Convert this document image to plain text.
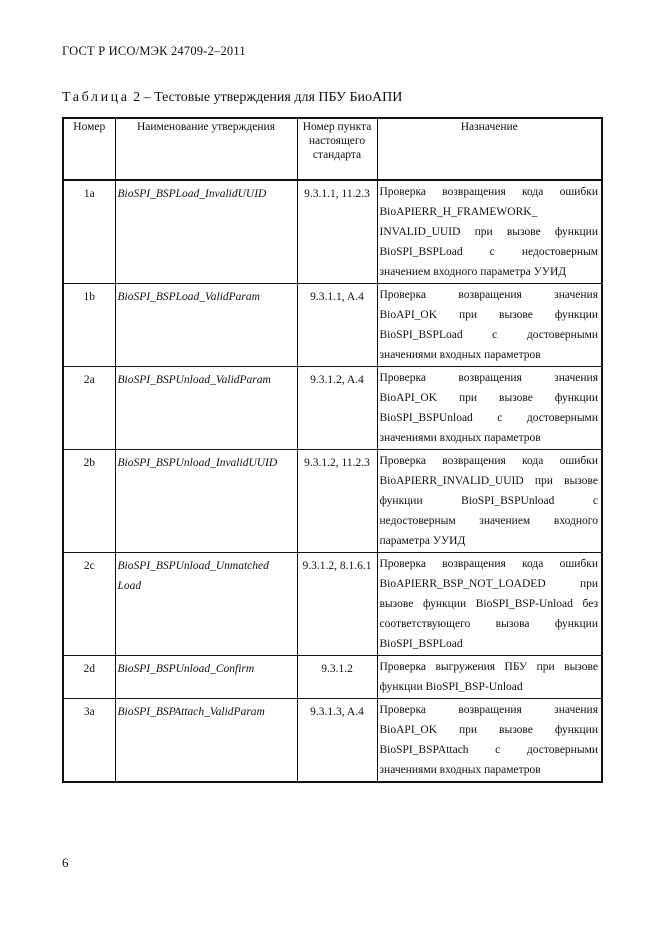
ГОСТ Р ИСО/МЭК 24709-2–2011
Таблица 2 – Тестовые утверждения для ПБУ БиоАПИ
Номер	Наименование утверждения	Номер пункта настоящего стандарта	Назначение
1a	BioSPI_BSPLoad_InvalidUUID	9.3.1.1, 11.2.3	Проверка возвращения кода ошибки BioAPIERR_H_FRAMEWORK_ INVALID_UUID при вызове функции BioSPI_BSPLoad с недостоверным значением входного параметра УУИД
1b	BioSPI_BSPLoad_ValidParam	9.3.1.1, A.4	Проверка возвращения значения BioAPI_OK при вызове функции BioSPI_BSPLoad с достоверными значениями входных параметров
2a	BioSPI_BSPUnload_ValidParam	9.3.1.2, A.4	Проверка возвращения значения BioAPI_OK при вызове функции BioSPI_BSPUnload с достоверными значениями входных параметров
2b	BioSPI_BSPUnload_InvalidUUID	9.3.1.2, 11.2.3	Проверка возвращения кода ошибки BioAPIERR_INVALID_UUID при вызове функции BioSPI_BSPUnload с недостоверным значением входного параметра УУИД
2c	BioSPI_BSPUnload_Unmatched Load	9.3.1.2, 8.1.6.1	Проверка возвращения кода ошибки BioAPIERR_BSP_NOT_LOADED при вызове функции BioSPI_BSP-Unload без соответствующего вызова функции BioSPI_BSPLoad
2d	BioSPI_BSPUnload_Confirm	9.3.1.2	Проверка выгружения ПБУ при вызове функции BioSPI_BSP-Unload
3a	BioSPI_BSPAttach_ValidParam	9.3.1.3, A.4	Проверка возвращения значения BioAPI_OK при вызове функции BioSPI_BSPAttach с достоверными значениями входных параметров
6
